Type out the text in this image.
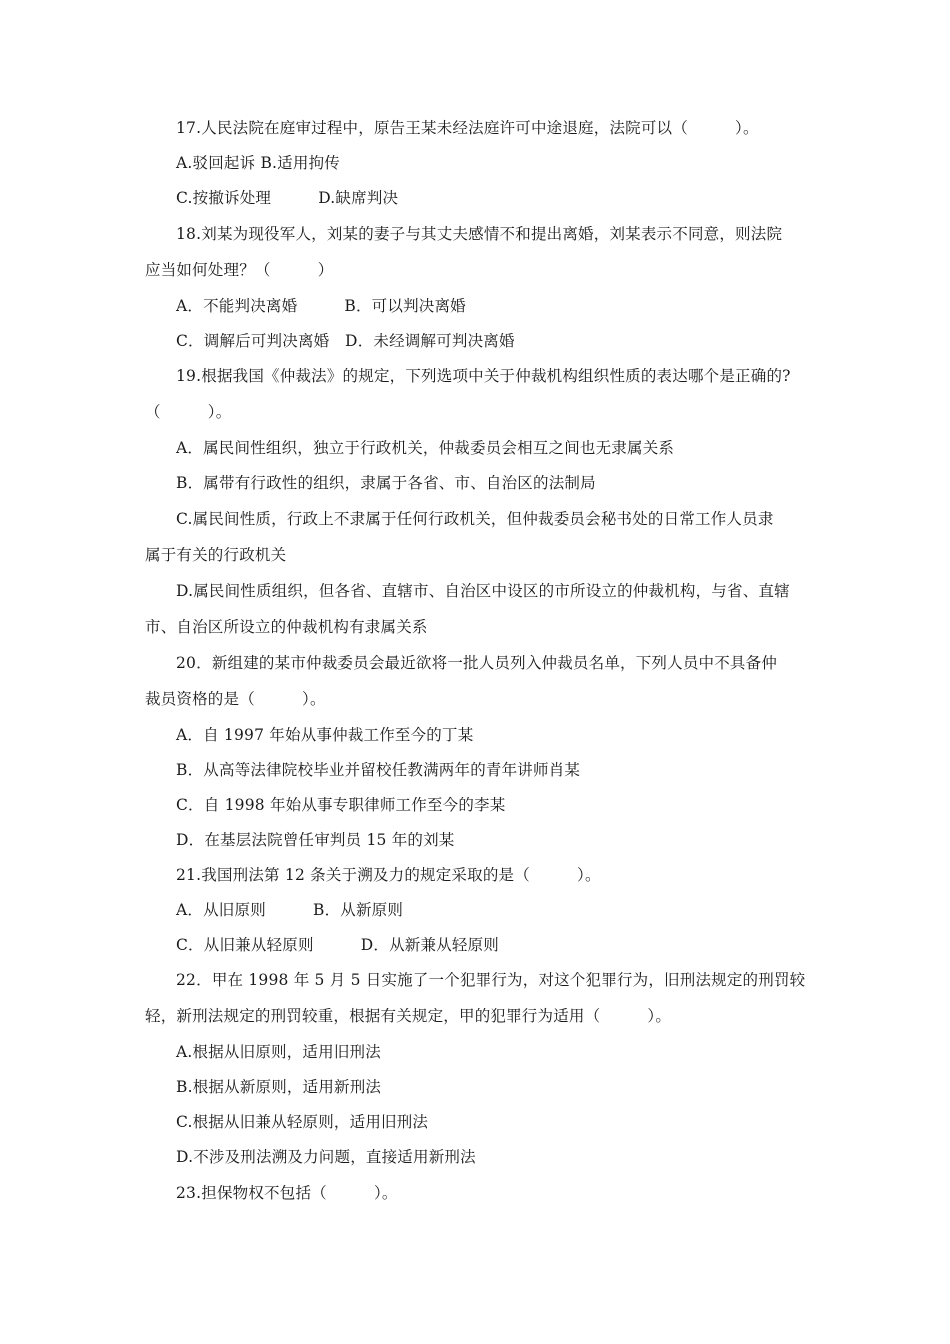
17.人民法院在庭审过程中，原告王某未经法庭许可中途退庭，法院可以（　　　）。
A.驳回起诉 B.适用拘传
C.按撤诉处理　　　D.缺席判决
18.刘某为现役军人，刘某的妻子与其丈夫感情不和提出离婚，刘某表示不同意，则法院
应当如何处理？（　　　）
A．不能判决离婚　　　B．可以判决离婚
C．调解后可判决离婚　D．未经调解可判决离婚
19.根据我国《仲裁法》的规定，下列选项中关于仲裁机构组织性质的表达哪个是正确的?
（　　　）。
A．属民间性组织，独立于行政机关，仲裁委员会相互之间也无隶属关系
B．属带有行政性的组织，隶属于各省、市、自治区的法制局
C.属民间性质，行政上不隶属于任何行政机关，但仲裁委员会秘书处的日常工作人员隶
属于有关的行政机关
D.属民间性质组织，但各省、直辖市、自治区中设区的市所设立的仲裁机构，与省、直辖
市、自治区所设立的仲裁机构有隶属关系
20．新组建的某市仲裁委员会最近欲将一批人员列入仲裁员名单，下列人员中不具备仲
裁员资格的是（　　　）。
A．自 1997 年始从事仲裁工作至今的丁某
B．从高等法律院校毕业并留校任教满两年的青年讲师肖某
C．自 1998 年始从事专职律师工作至今的李某
D．在基层法院曾任审判员 15 年的刘某
21.我国刑法第 12 条关于溯及力的规定采取的是（　　　）。
A．从旧原则　　　B．从新原则
C．从旧兼从轻原则　　　D．从新兼从轻原则
22．甲在 1998 年 5 月 5 日实施了一个犯罪行为，对这个犯罪行为，旧刑法规定的刑罚较
轻，新刑法规定的刑罚较重，根据有关规定，甲的犯罪行为适用（　　　）。
A.根据从旧原则，适用旧刑法
B.根据从新原则，适用新刑法
C.根据从旧兼从轻原则，适用旧刑法
D.不涉及刑法溯及力问题，直接适用新刑法
23.担保物权不包括（　　　）。
